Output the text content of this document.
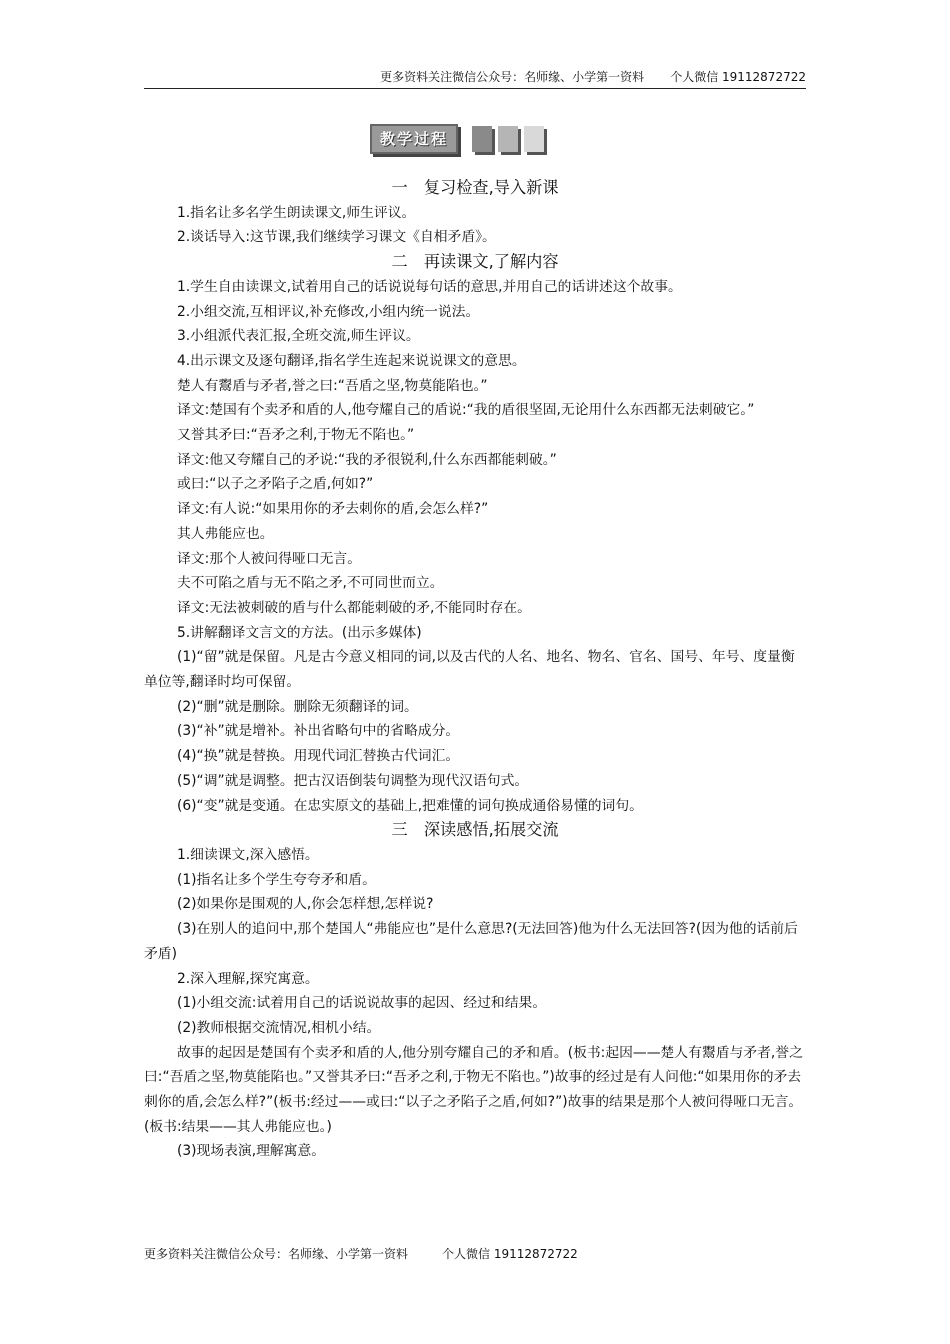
更多资料关注微信公众号：名师缘、小学第一资料 个人微信 19112872722
教学过程

一　复习检查,导入新课

1.指名让多名学生朗读课文,师生评议。

2.谈话导入:这节课,我们继续学习课文《自相矛盾》。

二　再读课文,了解内容

1.学生自由读课文,试着用自己的话说说每句话的意思,并用自己的话讲述这个故事。

2.小组交流,互相评议,补充修改,小组内统一说法。

3.小组派代表汇报,全班交流,师生评议。

4.出示课文及逐句翻译,指名学生连起来说说课文的意思。

楚人有鬻盾与矛者,誉之曰:“吾盾之坚,物莫能陷也。”

译文:楚国有个卖矛和盾的人,他夸耀自己的盾说:“我的盾很坚固,无论用什么东西都无法刺破它。”

又誉其矛曰:“吾矛之利,于物无不陷也。”

译文:他又夸耀自己的矛说:“我的矛很锐利,什么东西都能刺破。”

或曰:“以子之矛陷子之盾,何如?”

译文:有人说:“如果用你的矛去刺你的盾,会怎么样?”

其人弗能应也。

译文:那个人被问得哑口无言。

夫不可陷之盾与无不陷之矛,不可同世而立。

译文:无法被刺破的盾与什么都能刺破的矛,不能同时存在。

5.讲解翻译文言文的方法。(出示多媒体)

(1)“留”就是保留。凡是古今意义相同的词,以及古代的人名、地名、物名、官名、国号、年号、度量衡单位等,翻译时均可保留。

(2)“删”就是删除。删除无须翻译的词。

(3)“补”就是增补。补出省略句中的省略成分。

(4)“换”就是替换。用现代词汇替换古代词汇。

(5)“调”就是调整。把古汉语倒装句调整为现代汉语句式。

(6)“变”就是变通。在忠实原文的基础上,把难懂的词句换成通俗易懂的词句。

三　深读感悟,拓展交流

1.细读课文,深入感悟。

(1)指名让多个学生夸夸矛和盾。

(2)如果你是围观的人,你会怎样想,怎样说?

(3)在别人的追问中,那个楚国人“弗能应也”是什么意思?(无法回答)他为什么无法回答?(因为他的话前后矛盾)

2.深入理解,探究寓意。

(1)小组交流:试着用自己的话说说故事的起因、经过和结果。

(2)教师根据交流情况,相机小结。

故事的起因是楚国有个卖矛和盾的人,他分别夸耀自己的矛和盾。(板书:起因——楚人有鬻盾与矛者,誉之曰:“吾盾之坚,物莫能陷也。”又誉其矛曰:“吾矛之利,于物无不陷也。”)故事的经过是有人问他:“如果用你的矛去刺你的盾,会怎么样?”(板书:经过——或曰:“以子之矛陷子之盾,何如?”)故事的结果是那个人被问得哑口无言。(板书:结果——其人弗能应也。)

(3)现场表演,理解寓意。

更多资料关注微信公众号：名师缘、小学第一资料	个人微信 19112872722
